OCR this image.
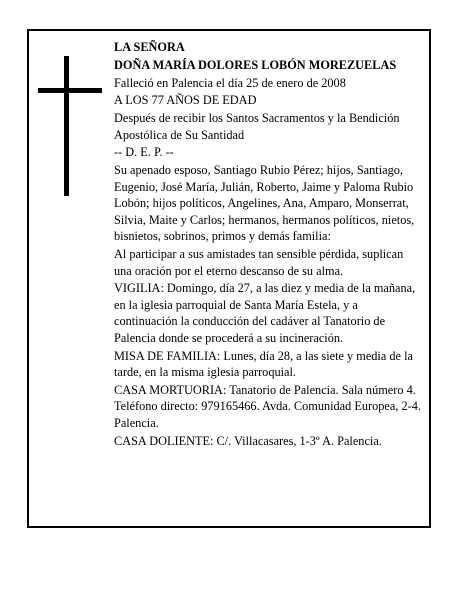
LA SEÑORA

DOÑA MARÍA DOLORES LOBÓN MOREZUELAS

Falleció en Palencia el día 25 de enero de 2008

A LOS 77 AÑOS DE EDAD

Después de recibir los Santos Sacramentos y la Bendición Apostólica de Su Santidad

-- D. E. P. --

Su apenado esposo, Santiago Rubio Pérez; hijos, Santiago, Eugenio, José María, Julián, Roberto, Jaime y Paloma Rubio Lobón; hijos políticos, Angelines, Ana, Amparo, Monserrat, Silvia, Maite y Carlos; hermanos, hermanos políticos, nietos, bisnietos, sobrinos, primos y demás familia:

Al participar a sus amistades tan sensible pérdida, suplican una oración por el eterno descanso de su alma.

VIGILIA: Domingo, día 27, a las diez y media de la mañana, en la iglesia parroquial de Santa María Estela, y a continuación la conducción del cadáver al Tanatorio de Palencia donde se procederá a su incineración.

MISA DE FAMILIA: Lunes, día 28, a las siete y media de la tarde, en la misma iglesia parroquial.

CASA MORTUORIA: Tanatorio de Palencia. Sala número 4. Teléfono directo: 979165466. Avda. Comunidad Europea, 2-4. Palencia.

CASA DOLIENTE: C/. Villacasares, 1-3º A. Palencia.
